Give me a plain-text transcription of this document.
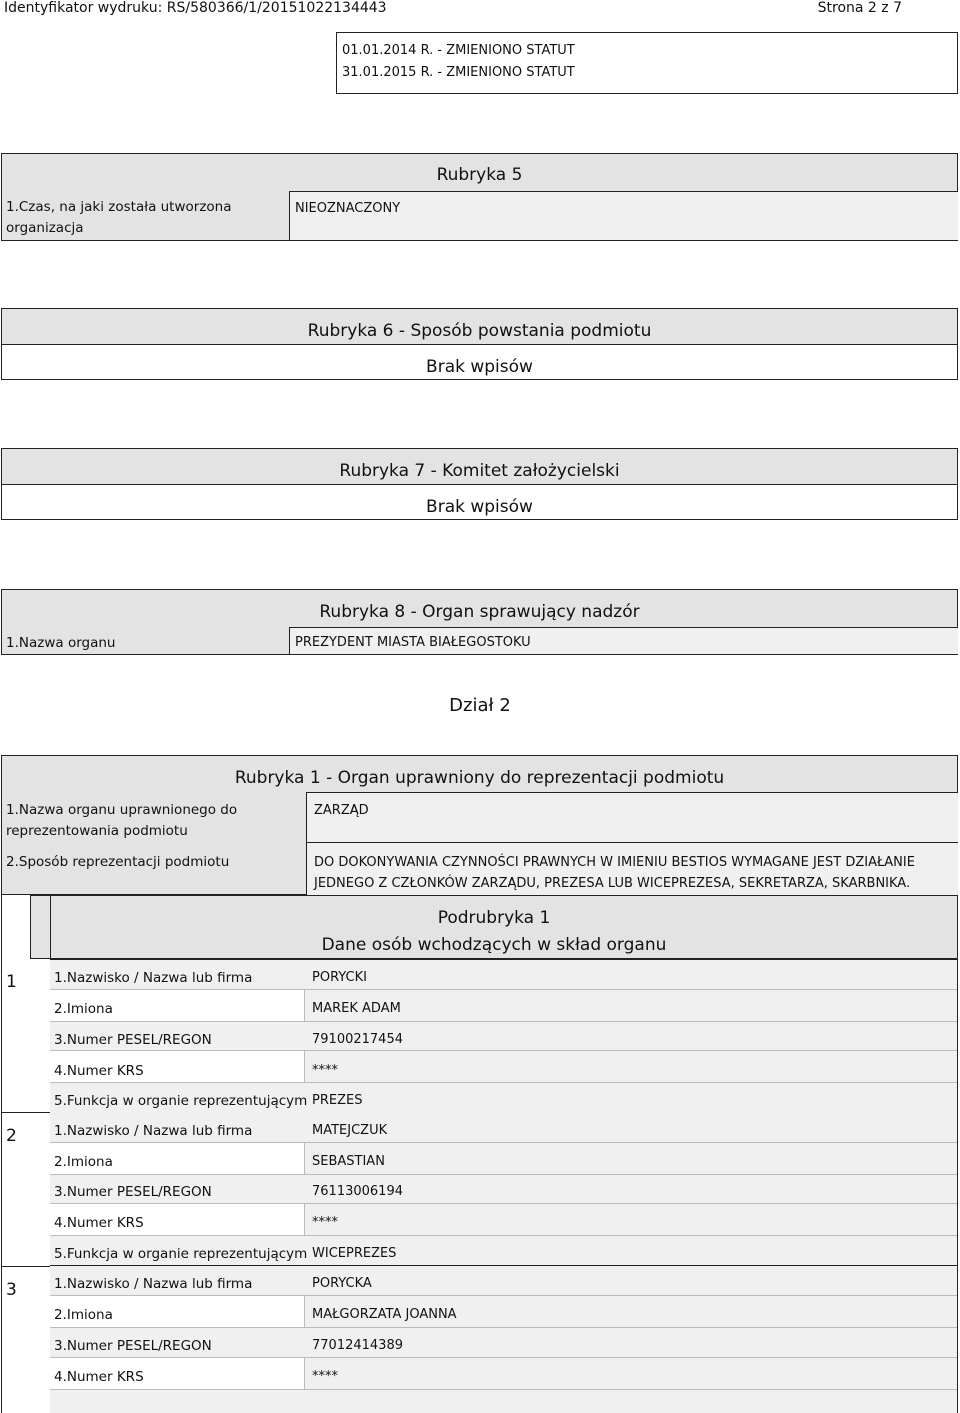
Identyfikator wydruku: RS/580366/1/20151022134443	Strona 2 z 7
01.01.2014 R. - ZMIENIONO STATUT
31.01.2015 R. - ZMIENIONO STATUT
Rubryka 5
1.Czas, na jaki została utworzona organizacja
NIEOZNACZONY
Rubryka 6 - Sposób powstania podmiotu
Brak wpisów
Rubryka 7 - Komitet założycielski
Brak wpisów
Rubryka 8 - Organ sprawujący nadzór
1.Nazwa organu	PREZYDENT MIASTA BIAŁEGOSTOKU
Dział 2
Rubryka 1 - Organ uprawniony do reprezentacji podmiotu
1.Nazwa organu uprawnionego do reprezentowania podmiotu
ZARZĄD
2.Sposób reprezentacji podmiotu	DO DOKONYWANIA CZYNNOŚCI PRAWNYCH W IMIENIU BESTIOS WYMAGANE JEST DZIAŁANIE JEDNEGO Z CZŁONKÓW ZARZĄDU, PREZESA LUB WICEPREZESA, SEKRETARZA, SKARBNIKA.
Podrubryka 1
Dane osób wchodzących w skład organu
1	1.Nazwisko / Nazwa lub firma	PORYCKI
2.Imiona	MAREK ADAM
3.Numer PESEL/REGON	79100217454
4.Numer KRS	****
5.Funkcja w organie reprezentującym PREZES
2	1.Nazwisko / Nazwa lub firma	MATEJCZUK
2.Imiona	SEBASTIAN
3.Numer PESEL/REGON	76113006194
4.Numer KRS	****
5.Funkcja w organie reprezentującym WICEPREZES
3	1.Nazwisko / Nazwa lub firma	PORYCKA
2.Imiona	MAŁGORZATA JOANNA
3.Numer PESEL/REGON	77012414389
4.Numer KRS	****
